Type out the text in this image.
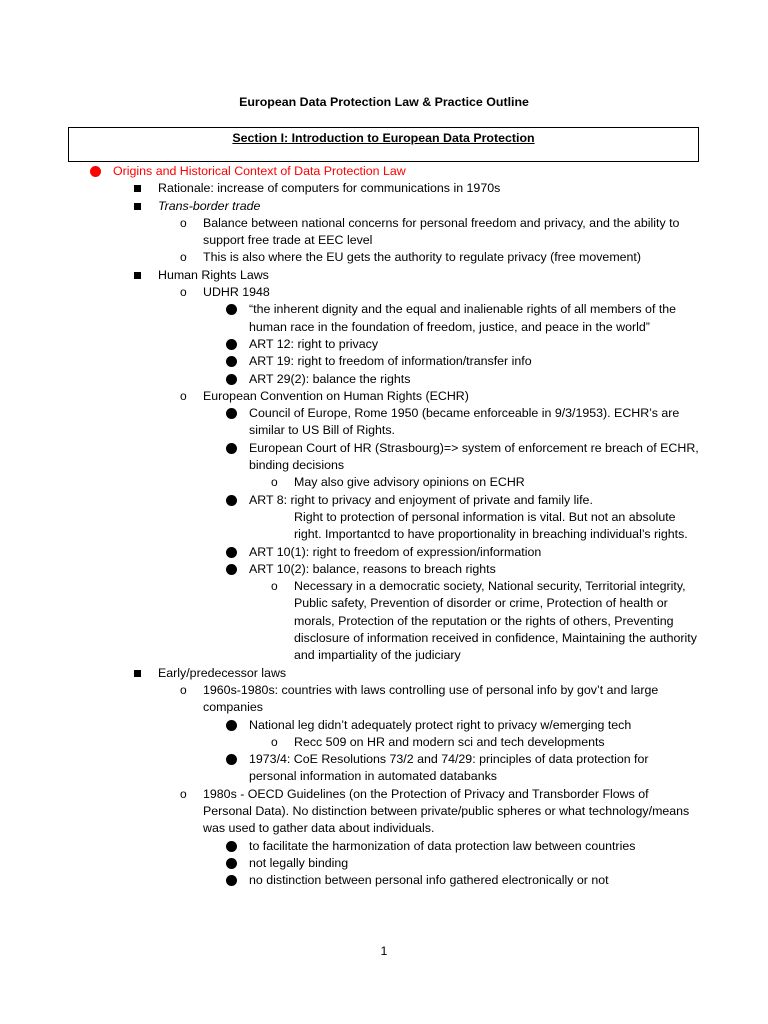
European Data Protection Law & Practice Outline
Section I: Introduction to European Data Protection
Origins and Historical Context of Data Protection Law
Rationale: increase of computers for communications in 1970s
Trans-border trade
o Balance between national concerns for personal freedom and privacy, and the ability to support free trade at EEC level
o This is also where the EU gets the authority to regulate privacy (free movement)
Human Rights Laws
o UDHR 1948
“the inherent dignity and the equal and inalienable rights of all members of the human race in the foundation of freedom, justice, and peace in the world”
ART 12: right to privacy
ART 19: right to freedom of information/transfer info
ART 29(2): balance the rights
o European Convention on Human Rights (ECHR)
Council of Europe, Rome 1950 (became enforceable in 9/3/1953). ECHR’s are similar to US Bill of Rights.
European Court of HR (Strasbourg)=> system of enforcement re breach of ECHR, binding decisions
o May also give advisory opinions on ECHR
ART 8: right to privacy and enjoyment of private and family life.
Right to protection of personal information is vital. But not an absolute right. Importantcd to have proportionality in breaching individual’s rights.
ART 10(1): right to freedom of expression/information
ART 10(2): balance, reasons to breach rights
o Necessary in a democratic society, National security, Territorial integrity, Public safety, Prevention of disorder or crime, Protection of health or morals, Protection of the reputation or the rights of others, Preventing disclosure of information received in confidence, Maintaining the authority and impartiality of the judiciary
Early/predecessor laws
o 1960s-1980s: countries with laws controlling use of personal info by gov’t and large companies
National leg didn’t adequately protect right to privacy w/emerging tech
o Recc 509 on HR and modern sci and tech developments
1973/4: CoE Resolutions 73/2 and 74/29: principles of data protection for personal information in automated databanks
o 1980s - OECD Guidelines (on the Protection of Privacy and Transborder Flows of Personal Data). No distinction between private/public spheres or what technology/means was used to gather data about individuals.
to facilitate the harmonization of data protection law between countries
not legally binding
no distinction between personal info gathered electronically or not
1
